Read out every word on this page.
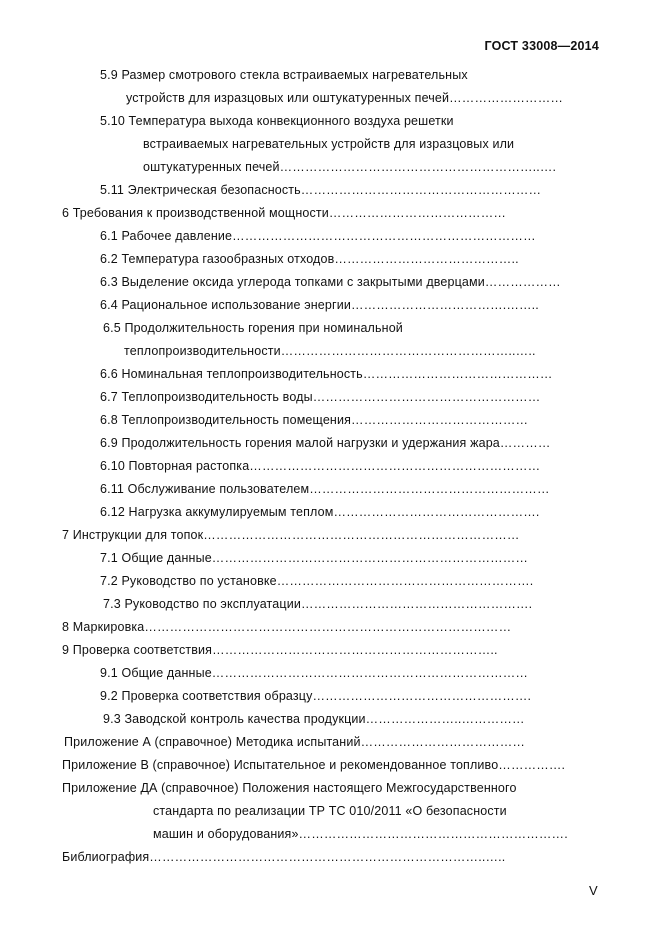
ГОСТ 33008—2014
5.9 Размер смотрового стекла встраиваемых нагревательных
устройств для изразцовых или оштукатуренных печей………………………
5.10 Температура выхода конвекционного воздуха решетки
встраиваемых нагревательных устройств для изразцовых или
оштукатуренных печей……………………………………………………..….
5.11 Электрическая безопасность…………………………………………………
6 Требования к производственной мощности……………………………………
6.1 Рабочее давление………………………………………………………………
6.2 Температура газообразных отходов……………………………………..
6.3 Выделение оксида углерода топками с закрытыми дверцами………………
6.4 Рациональное использование энергии……………………………….……..
6.5 Продолжительность горения при номинальной
теплопроизводительности………………………………………………..…..
6.6 Номинальная теплопроизводительность………………………………………
6.7 Теплопроизводительность воды………………………………………………
6.8 Теплопроизводительность помещения……………………………………
6.9 Продолжительность горения малой нагрузки и удержания жара…………
6.10 Повторная растопка……………………………………………………………
6.11 Обслуживание пользователем…………………………………………………
6.12 Нагрузка аккумулируемым теплом………………………………………….
7 Инструкции для топок…………………………………………………………………
7.1 Общие данные…………………………………………………………………
7.2 Руководство по установке…………………………………………………….
7.3 Руководство по эксплуатации……………………………………………….
8 Маркировка……………………………………………………………………………
9 Проверка соответствия…………………………………………………………..
9.1 Общие данные…………………………………………………………………
9.2 Проверка соответствия образцу…………………………………………….
9.3 Заводской контроль качества продукции…………………..……………
Приложение А (справочное) Методика испытаний…………………………………
Приложение В (справочное) Испытательное и рекомендованное топливо…………….
Приложение ДА (справочное) Положения настоящего Межгосударственного
стандарта по реализации ТР ТС 010/2011 «О безопасности
машин и оборудования»……………………………………………………….
Библиография……………………………………………………………………..…..
V
